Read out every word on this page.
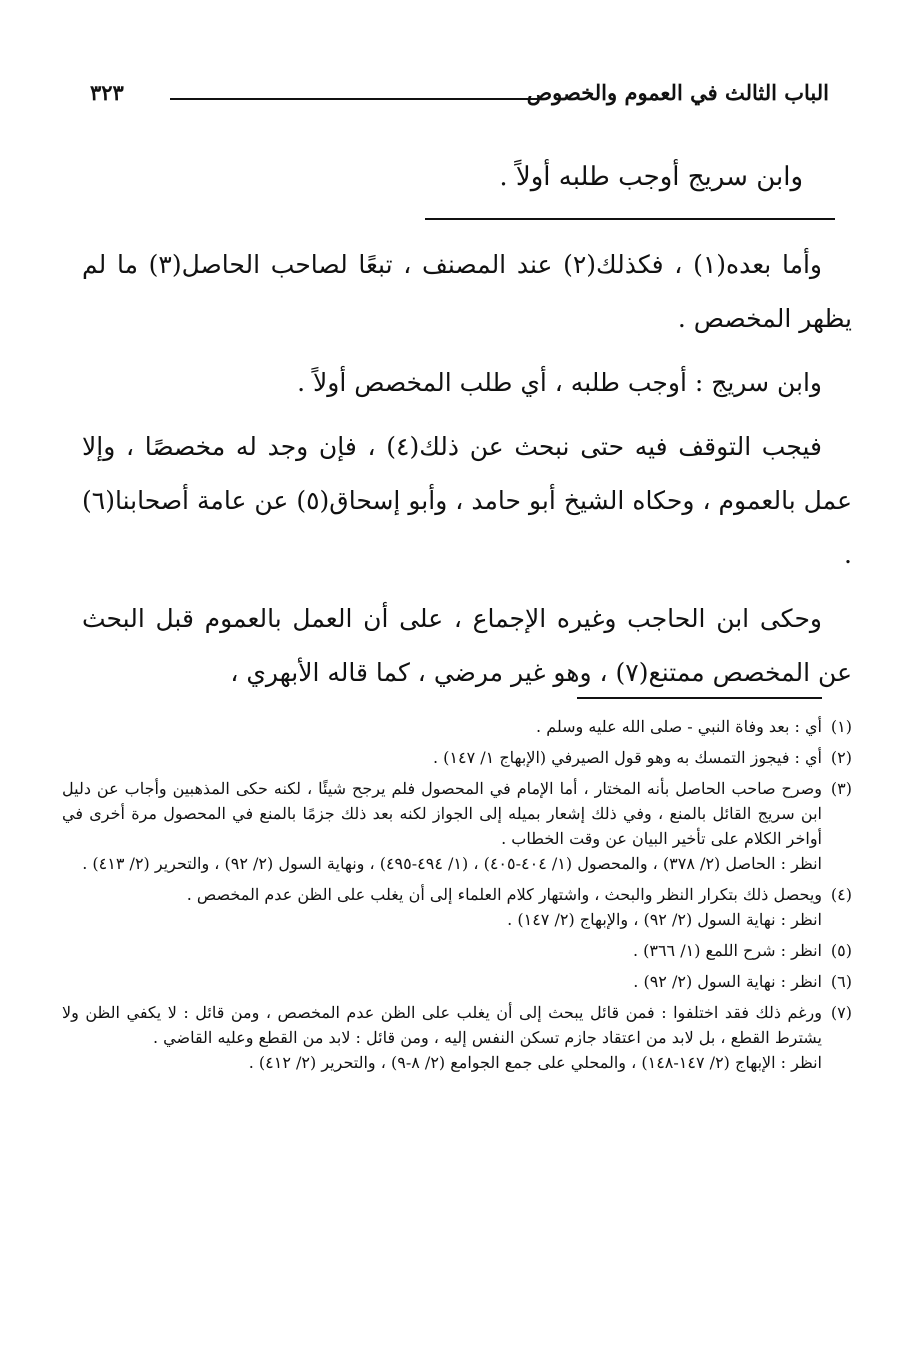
الباب الثالث في العموم والخصوص
٣٢٣
وابن سريج أوجب طلبه أولاً .

وأما بعده(١) ، فكذلك(٢) عند المصنف ، تبعًا لصاحب الحاصل(٣) ما لم يظهر المخصص .

وابن سريج : أوجب طلبه ، أي طلب المخصص أولاً .

فيجب التوقف فيه حتى نبحث عن ذلك(٤) ، فإن وجد له مخصصًا ، وإلا عمل بالعموم ، وحكاه الشيخ أبو حامد ، وأبو إسحاق(٥) عن عامة أصحابنا(٦) .

وحكى ابن الحاجب وغيره الإجماع ، على أن العمل بالعموم قبل البحث عن المخصص ممتنع(٧) ، وهو غير مرضي ، كما قاله الأبهري ،

(١)أي : بعد وفاة النبي - صلى الله عليه وسلم .
(٢)أي : فيجوز التمسك به وهو قول الصيرفي (الإبهاج ١/ ١٤٧) .
(٣)وصرح صاحب الحاصل بأنه المختار ، أما الإمام في المحصول فلم يرجح شيئًا ، لكنه حكى المذهبين وأجاب عن دليل ابن سريج القائل بالمنع ، وفي ذلك إشعار بميله إلى الجواز لكنه بعد ذلك جزمًا بالمنع في المحصول مرة أخرى في أواخر الكلام على تأخير البيان عن وقت الخطاب .
انظر : الحاصل (٢/ ٣٧٨) ، والمحصول (١/ ٤٠٤-٤٠٥) ، (١/ ٤٩٤-٤٩٥) ، ونهاية السول (٢/ ٩٢) ، والتحرير (٢/ ٤١٣) .
(٤)ويحصل ذلك بتكرار النظر والبحث ، واشتهار كلام العلماء إلى أن يغلب على الظن عدم المخصص .
انظر : نهاية السول (٢/ ٩٢) ، والإبهاج (٢/ ١٤٧) .
(٥)انظر : شرح اللمع (١/ ٣٦٦) .
(٦)انظر : نهاية السول (٢/ ٩٢) .
(٧)ورغم ذلك فقد اختلفوا : فمن قائل يبحث إلى أن يغلب على الظن عدم المخصص ، ومن قائل : لا يكفي الظن ولا يشترط القطع ، بل لابد من اعتقاد جازم تسكن النفس إليه ، ومن قائل : لابد من القطع وعليه القاضي .
انظر : الإبهاج (٢/ ١٤٧-١٤٨) ، والمحلي على جمع الجوامع (٢/ ٨-٩) ، والتحرير (٢/ ٤١٢) .
